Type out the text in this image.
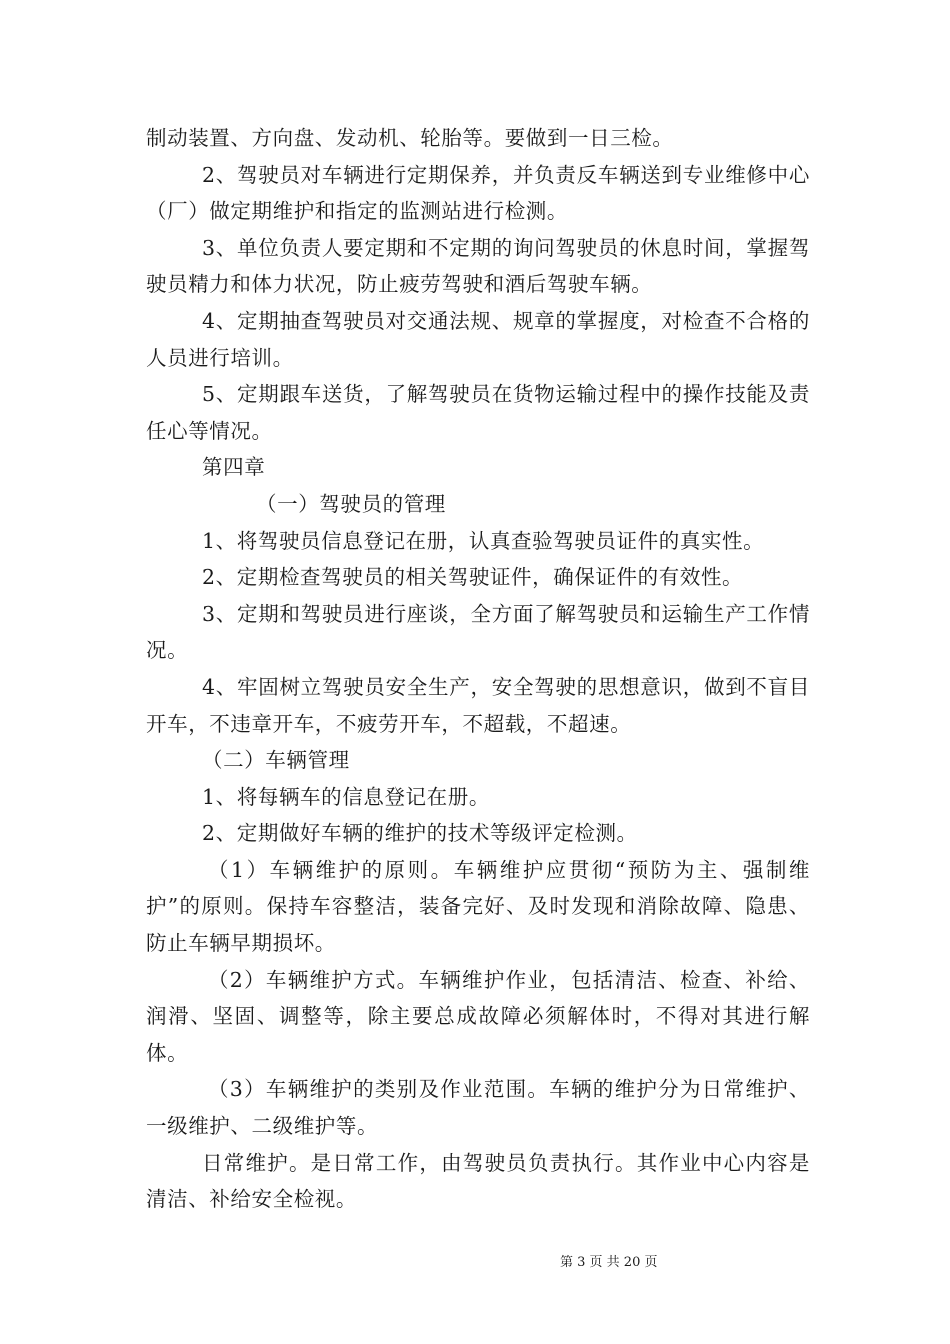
制动装置、方向盘、发动机、轮胎等。要做到一日三检。

2、驾驶员对车辆进行定期保养，并负责反车辆送到专业维修中心（厂）做定期维护和指定的监测站进行检测。

3、单位负责人要定期和不定期的询问驾驶员的休息时间，掌握驾驶员精力和体力状况，防止疲劳驾驶和酒后驾驶车辆。

4、定期抽查驾驶员对交通法规、规章的掌握度，对检查不合格的人员进行培训。

5、定期跟车送货，了解驾驶员在货物运输过程中的操作技能及责任心等情况。

第四章

（一）驾驶员的管理

1、将驾驶员信息登记在册，认真查验驾驶员证件的真实性。

2、定期检查驾驶员的相关驾驶证件，确保证件的有效性。

3、定期和驾驶员进行座谈，全方面了解驾驶员和运输生产工作情况。

4、牢固树立驾驶员安全生产，安全驾驶的思想意识，做到不盲目开车，不违章开车，不疲劳开车，不超载，不超速。

（二）车辆管理

1、将每辆车的信息登记在册。

2、定期做好车辆的维护的技术等级评定检测。

（1）车辆维护的原则。车辆维护应贯彻“预防为主、强制维护”的原则。保持车容整洁，装备完好、及时发现和消除故障、隐患、防止车辆早期损坏。

（2）车辆维护方式。车辆维护作业，包括清洁、检查、补给、润滑、坚固、调整等，除主要总成故障必须解体时，不得对其进行解体。

（3）车辆维护的类别及作业范围。车辆的维护分为日常维护、一级维护、二级维护等。

日常维护。是日常工作，由驾驶员负责执行。其作业中心内容是清洁、补给安全检视。

第 3 页 共 20 页
